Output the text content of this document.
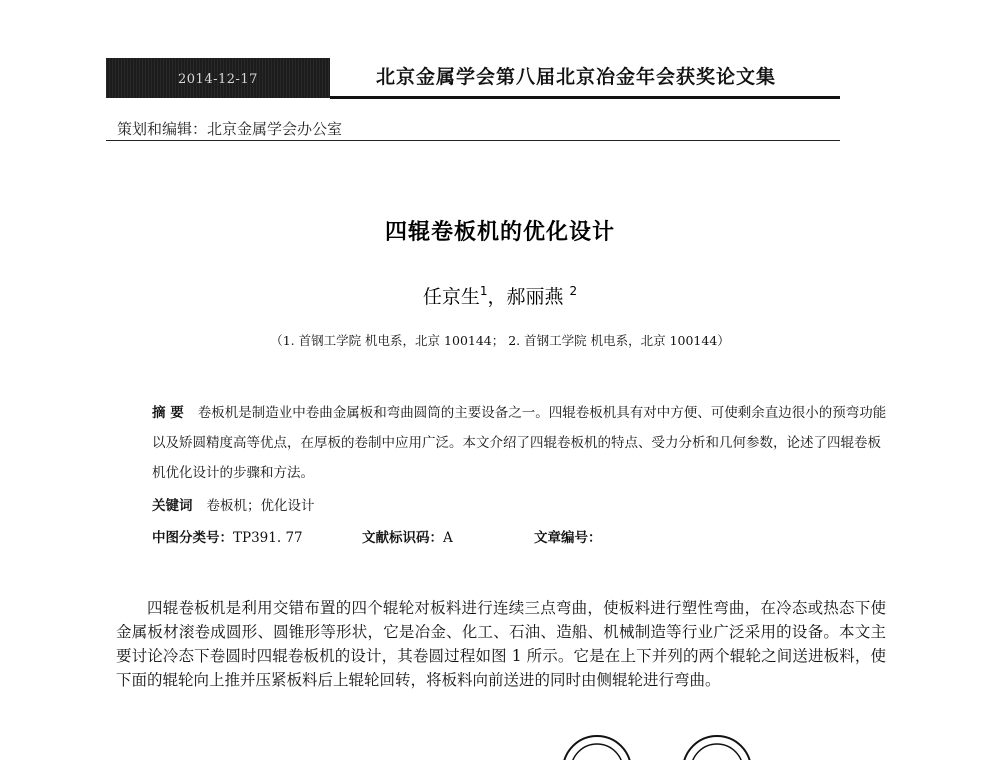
2014-12-17	北京金属学会第八届北京冶金年会获奖论文集
策划和编辑：北京金属学会办公室
四辊卷板机的优化设计
任京生$^1$，郝丽燕 $^2$
（1. 首钢工学院 机电系，北京 100144； 2. 首钢工学院 机电系，北京 100144）
摘 要 卷板机是制造业中卷曲金属板和弯曲圆筒的主要设备之一。四辊卷板机具有对中方便、可使剩余直边很小的预弯功能以及矫圆精度高等优点，在厚板的卷制中应用广泛。本文介绍了四辊卷板机的特点、受力分析和几何参数，论述了四辊卷板机优化设计的步骤和方法。
关键词 卷板机；优化设计
中图分类号：TP391. 77	文献标识码：A	文章编号：
四辊卷板机是利用交错布置的四个辊轮对板料进行连续三点弯曲，使板料进行塑性弯曲，在冷态或热态下使金属板材滚卷成圆形、圆锥形等形状，它是冶金、化工、石油、造船、机械制造等行业广泛采用的设备。本文主要讨论冷态下卷圆时四辊卷板机的设计，其卷圆过程如图 1 所示。它是在上下并列的两个辊轮之间送进板料，使下面的辊轮向上推并压紧板料后上辊轮回转，将板料向前送进的同时由侧辊轮进行弯曲。
